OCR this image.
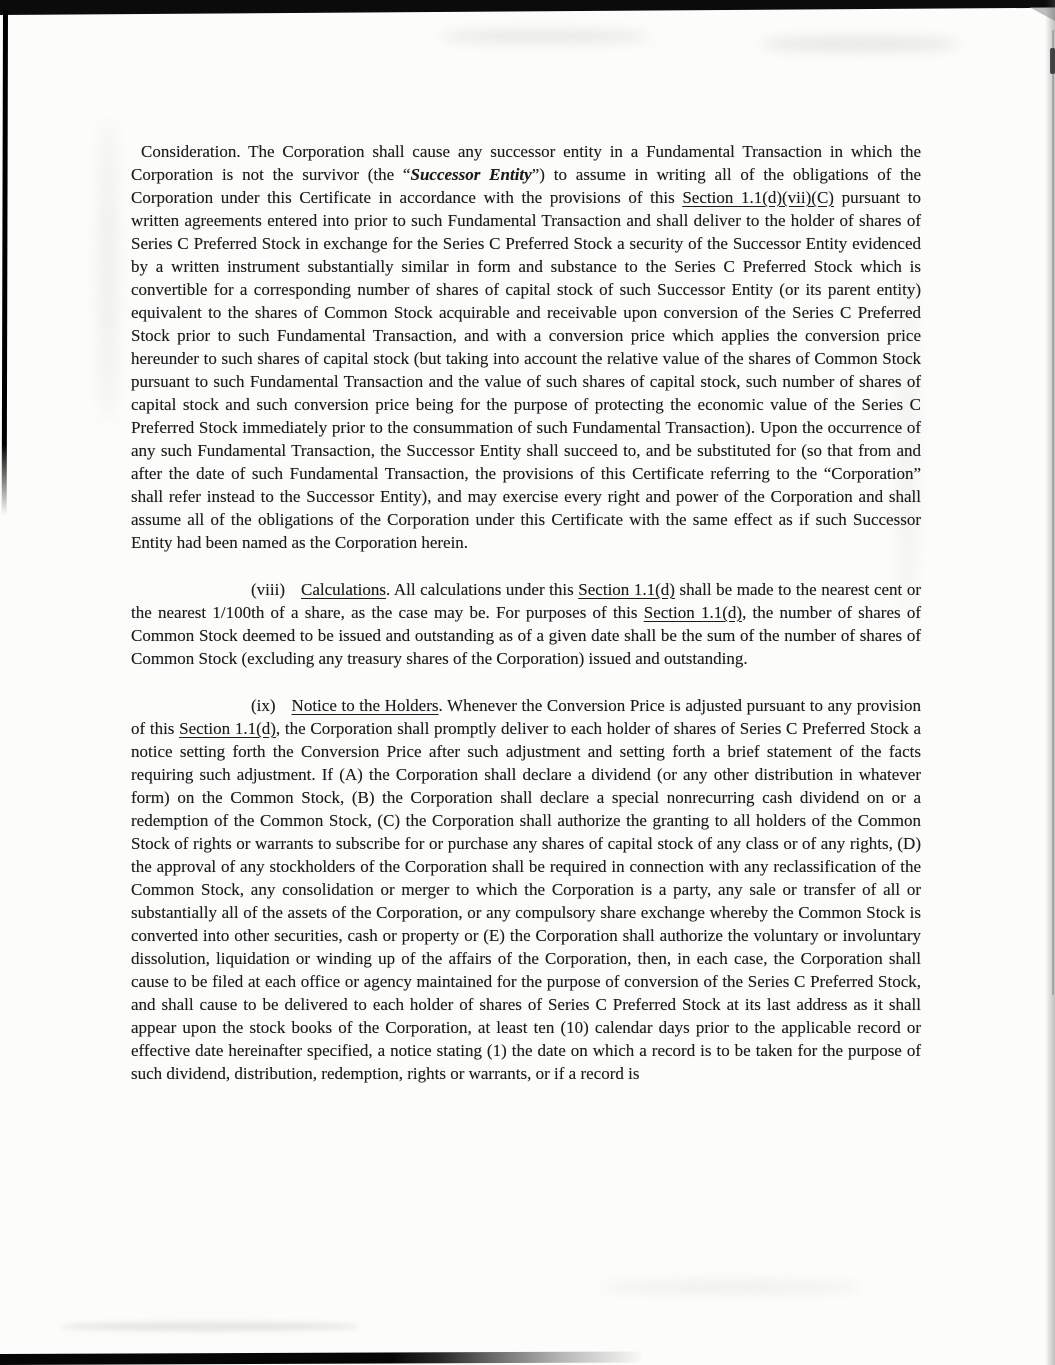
Consideration. The Corporation shall cause any successor entity in a Fundamental Transaction in which the Corporation is not the survivor (the “Successor Entity”) to assume in writing all of the obligations of the Corporation under this Certificate in accordance with the provisions of this Section 1.1(d)(vii)(C) pursuant to written agreements entered into prior to such Fundamental Transaction and shall deliver to the holder of shares of Series C Preferred Stock in exchange for the Series C Preferred Stock a security of the Successor Entity evidenced by a written instrument substantially similar in form and substance to the Series C Preferred Stock which is convertible for a corresponding number of shares of capital stock of such Successor Entity (or its parent entity) equivalent to the shares of Common Stock acquirable and receivable upon conversion of the Series C Preferred Stock prior to such Fundamental Transaction, and with a conversion price which applies the conversion price hereunder to such shares of capital stock (but taking into account the relative value of the shares of Common Stock pursuant to such Fundamental Transaction and the value of such shares of capital stock, such number of shares of capital stock and such conversion price being for the purpose of protecting the economic value of the Series C Preferred Stock immediately prior to the consummation of such Fundamental Transaction). Upon the occurrence of any such Fundamental Transaction, the Successor Entity shall succeed to, and be substituted for (so that from and after the date of such Fundamental Transaction, the provisions of this Certificate referring to the “Corporation” shall refer instead to the Successor Entity), and may exercise every right and power of the Corporation and shall assume all of the obligations of the Corporation under this Certificate with the same effect as if such Successor Entity had been named as the Corporation herein.

(viii) Calculations. All calculations under this Section 1.1(d) shall be made to the nearest cent or the nearest 1/100th of a share, as the case may be. For purposes of this Section 1.1(d), the number of shares of Common Stock deemed to be issued and outstanding as of a given date shall be the sum of the number of shares of Common Stock (excluding any treasury shares of the Corporation) issued and outstanding.

(ix) Notice to the Holders. Whenever the Conversion Price is adjusted pursuant to any provision of this Section 1.1(d), the Corporation shall promptly deliver to each holder of shares of Series C Preferred Stock a notice setting forth the Conversion Price after such adjustment and setting forth a brief statement of the facts requiring such adjustment. If (A) the Corporation shall declare a dividend (or any other distribution in whatever form) on the Common Stock, (B) the Corporation shall declare a special nonrecurring cash dividend on or a redemption of the Common Stock, (C) the Corporation shall authorize the granting to all holders of the Common Stock of rights or warrants to subscribe for or purchase any shares of capital stock of any class or of any rights, (D) the approval of any stockholders of the Corporation shall be required in connection with any reclassification of the Common Stock, any consolidation or merger to which the Corporation is a party, any sale or transfer of all or substantially all of the assets of the Corporation, or any compulsory share exchange whereby the Common Stock is converted into other securities, cash or property or (E) the Corporation shall authorize the voluntary or involuntary dissolution, liquidation or winding up of the affairs of the Corporation, then, in each case, the Corporation shall cause to be filed at each office or agency maintained for the purpose of conversion of the Series C Preferred Stock, and shall cause to be delivered to each holder of shares of Series C Preferred Stock at its last address as it shall appear upon the stock books of the Corporation, at least ten (10) calendar days prior to the applicable record or effective date hereinafter specified, a notice stating (1) the date on which a record is to be taken for the purpose of such dividend, distribution, redemption, rights or warrants, or if a record is
